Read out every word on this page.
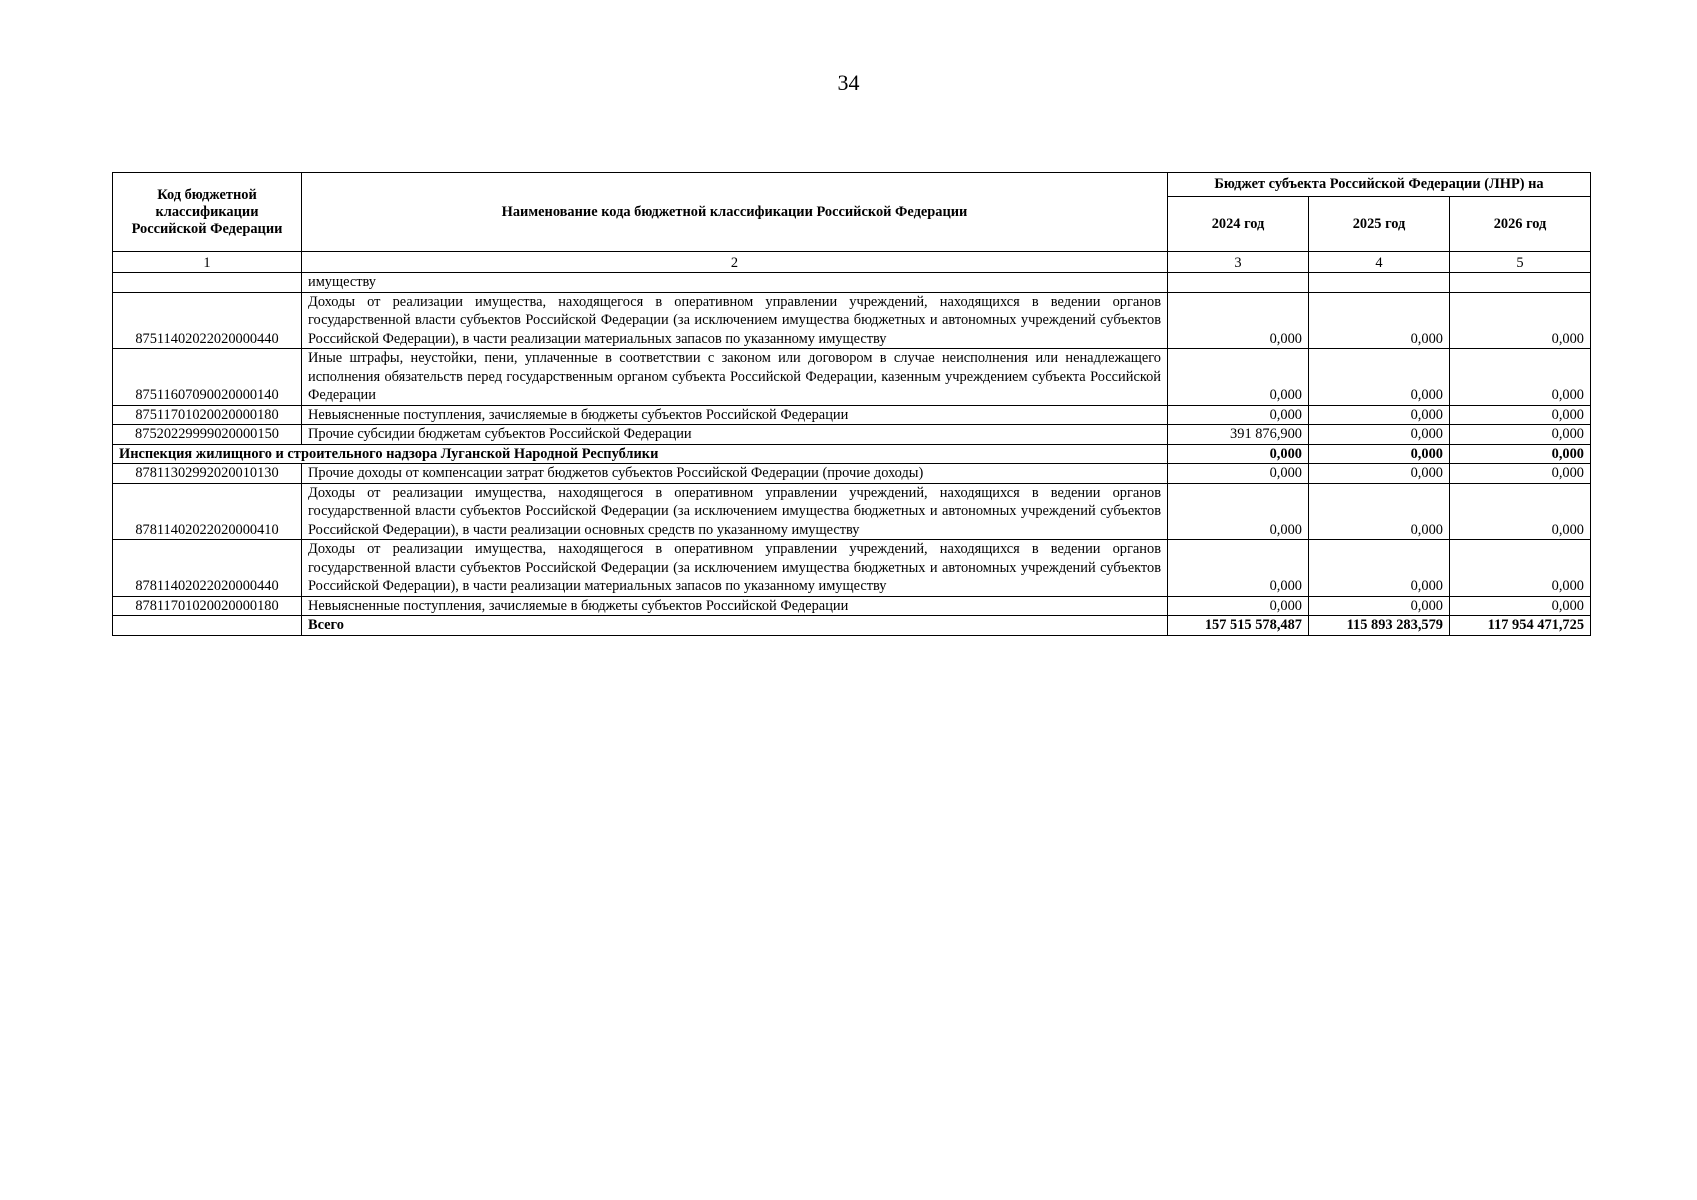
34
Код бюджетной классификации Российской Федерации	Наименование кода бюджетной классификации Российской Федерации	Бюджет субъекта Российской Федерации (ЛНР) на		
		2024 год	2025 год	2026 год
1	2	3	4	5
	имуществу			
87511402022020000440	Доходы от реализации имущества, находящегося в оперативном управлении учреждений, находящихся в ведении органов государственной власти субъектов Российской Федерации (за исключением имущества бюджетных и автономных учреждений субъектов Российской Федерации), в части реализации материальных запасов по указанному имуществу	0,000	0,000	0,000
87511607090020000140	Иные штрафы, неустойки, пени, уплаченные в соответствии с законом или договором в случае неисполнения или ненадлежащего исполнения обязательств перед государственным органом субъекта Российской Федерации, казенным учреждением субъекта Российской Федерации	0,000	0,000	0,000
87511701020020000180	Невыясненные поступления, зачисляемые в бюджеты субъектов Российской Федерации	0,000	0,000	0,000
87520229999020000150	Прочие субсидии бюджетам субъектов Российской Федерации	391 876,900	0,000	0,000
Инспекция жилищного и строительного надзора Луганской Народной Республики		0,000	0,000	0,000
87811302992020010130	Прочие доходы от компенсации затрат бюджетов субъектов Российской Федерации (прочие доходы)	0,000	0,000	0,000
87811402022020000410	Доходы от реализации имущества, находящегося в оперативном управлении учреждений, находящихся в ведении органов государственной власти субъектов Российской Федерации (за исключением имущества бюджетных и автономных учреждений субъектов Российской Федерации), в части реализации основных средств по указанному имуществу	0,000	0,000	0,000
87811402022020000440	Доходы от реализации имущества, находящегося в оперативном управлении учреждений, находящихся в ведении органов государственной власти субъектов Российской Федерации (за исключением имущества бюджетных и автономных учреждений субъектов Российской Федерации), в части реализации материальных запасов по указанному имуществу	0,000	0,000	0,000
87811701020020000180	Невыясненные поступления, зачисляемые в бюджеты субъектов Российской Федерации	0,000	0,000	0,000
	Всего	157 515 578,487	115 893 283,579	117 954 471,725
